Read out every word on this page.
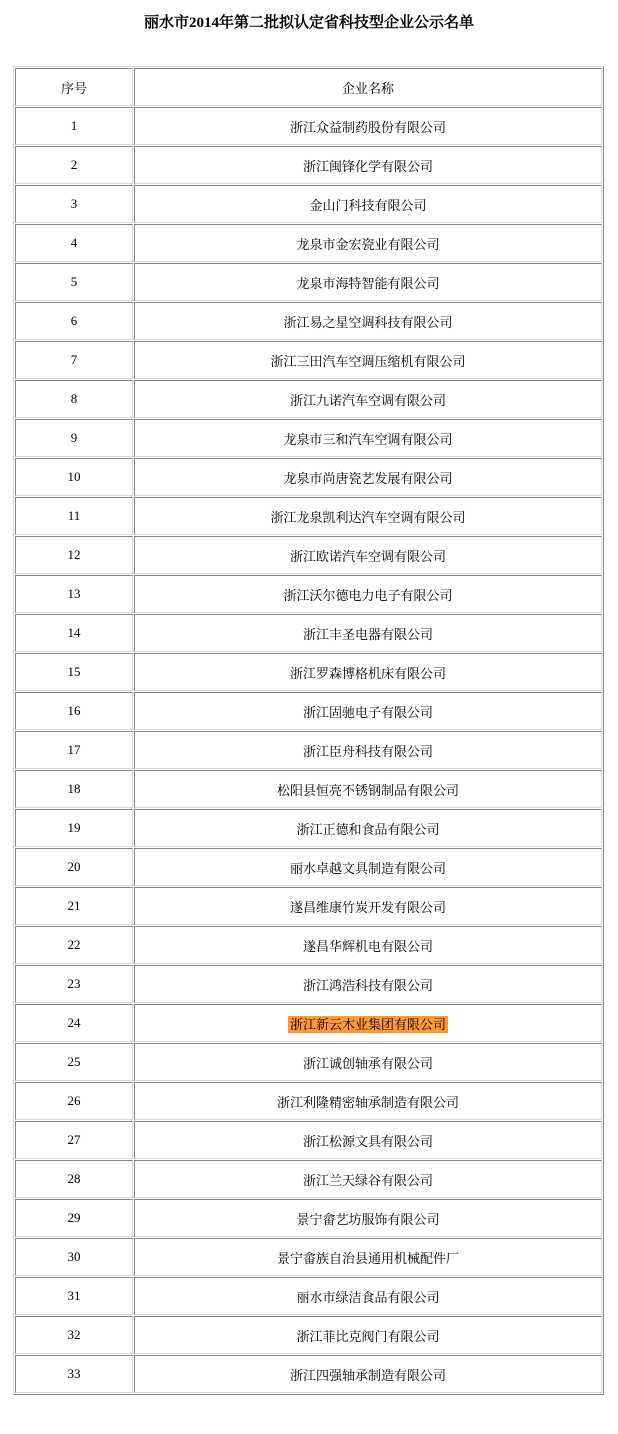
丽水市2014年第二批拟认定省科技型企业公示名单
序号	企业名称
1	浙江众益制药股份有限公司
2	浙江闽锋化学有限公司
3	金山门科技有限公司
4	龙泉市金宏瓷业有限公司
5	龙泉市海特智能有限公司
6	浙江易之星空调科技有限公司
7	浙江三田汽车空调压缩机有限公司
8	浙江九诺汽车空调有限公司
9	龙泉市三和汽车空调有限公司
10	龙泉市尚唐瓷艺发展有限公司
11	浙江龙泉凯利达汽车空调有限公司
12	浙江欧诺汽车空调有限公司
13	浙江沃尔德电力电子有限公司
14	浙江丰圣电器有限公司
15	浙江罗森博格机床有限公司
16	浙江固驰电子有限公司
17	浙江臣舟科技有限公司
18	松阳县恒亮不锈钢制品有限公司
19	浙江正德和食品有限公司
20	丽水卓越文具制造有限公司
21	遂昌维康竹炭开发有限公司
22	遂昌华辉机电有限公司
23	浙江鸿浩科技有限公司
24	浙江新云木业集团有限公司
25	浙江诚创轴承有限公司
26	浙江利隆精密轴承制造有限公司
27	浙江松源文具有限公司
28	浙江兰天绿谷有限公司
29	景宁畲艺坊服饰有限公司
30	景宁畲族自治县通用机械配件厂
31	丽水市绿洁食品有限公司
32	浙江菲比克阀门有限公司
33	浙江四强轴承制造有限公司
